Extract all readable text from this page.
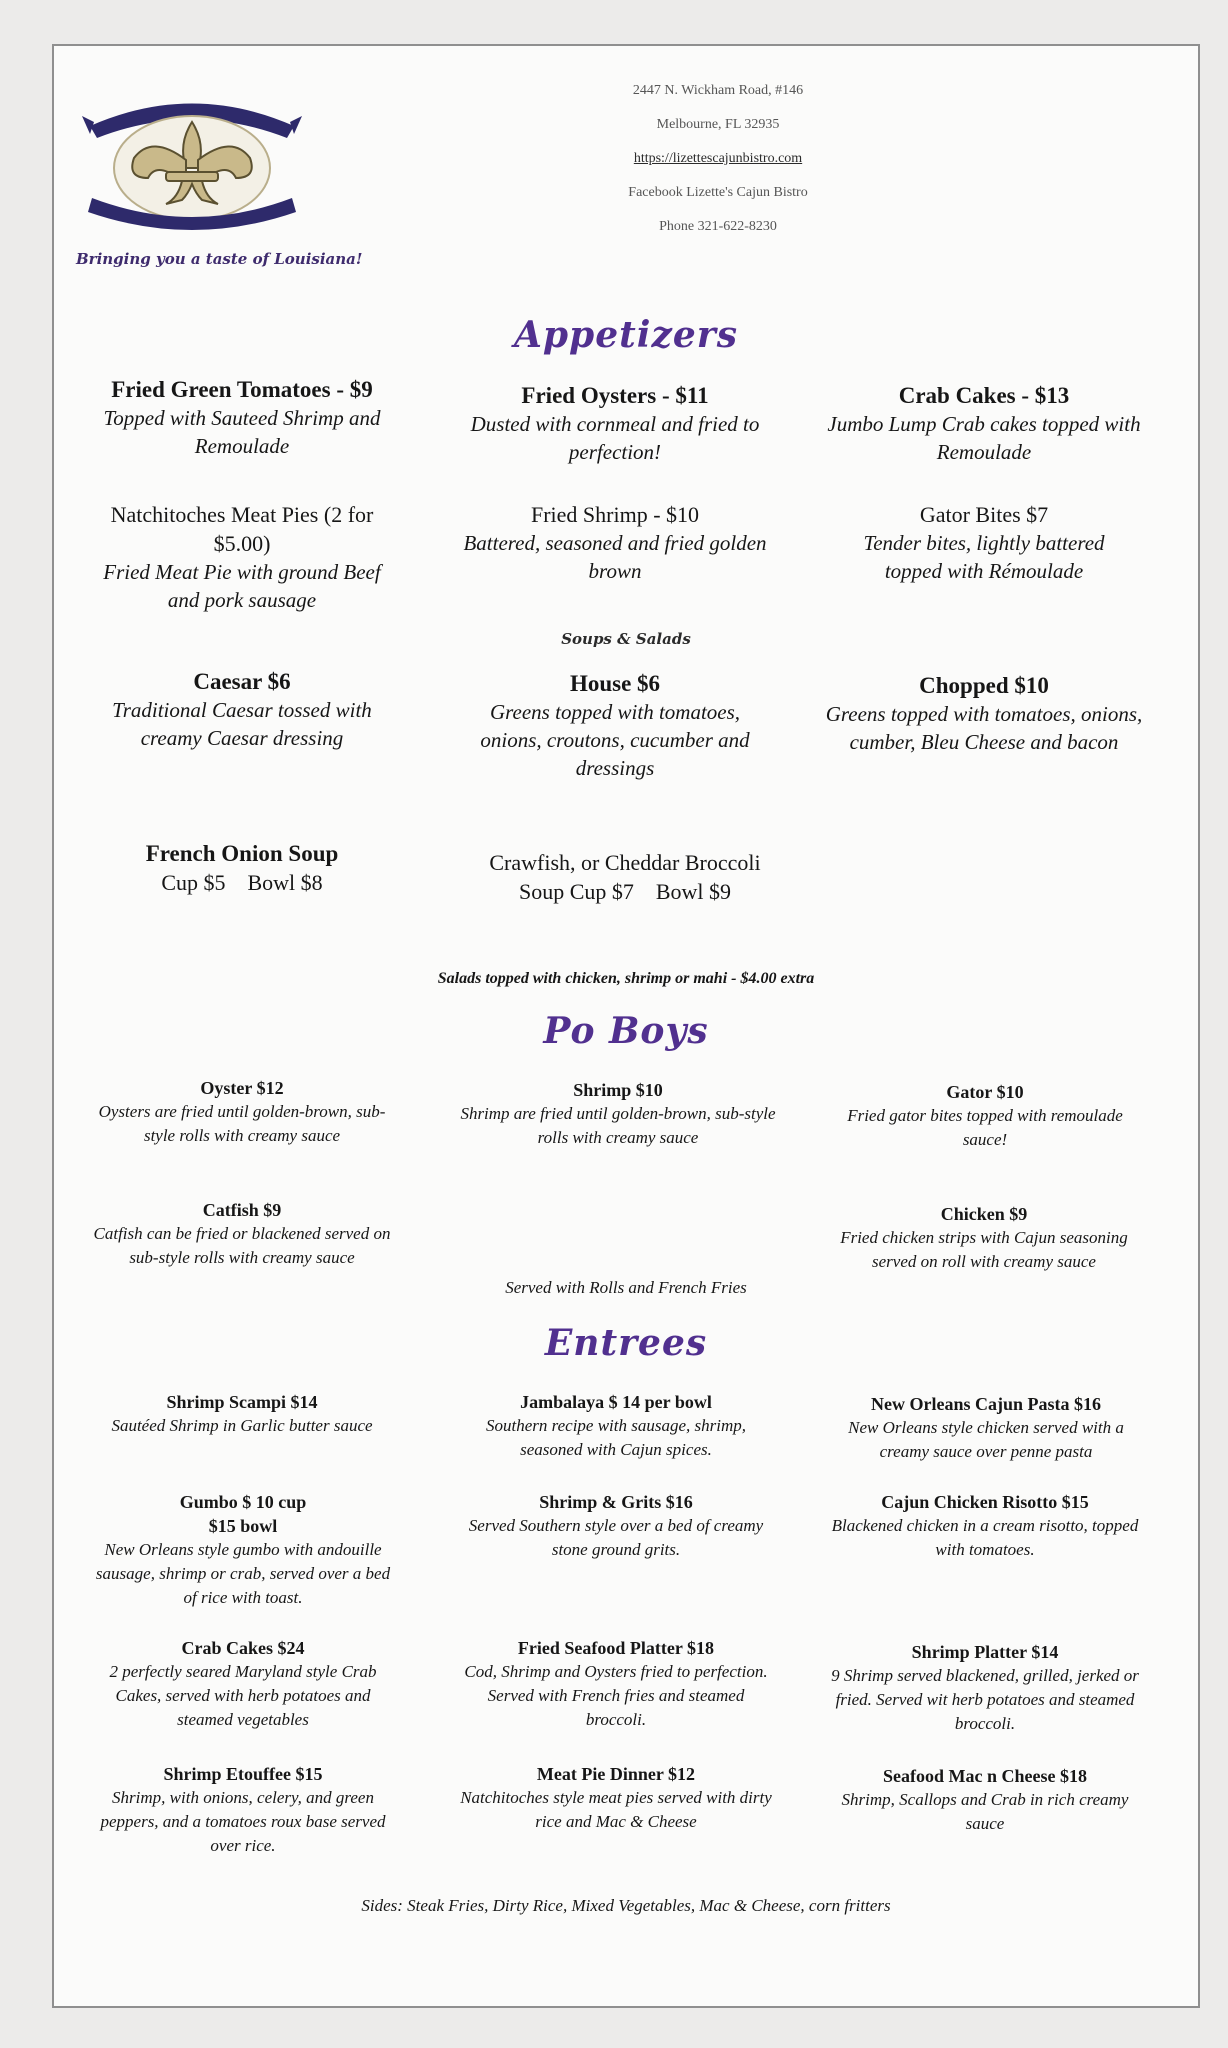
Bringing you a taste of Louisiana!
2447 N. Wickham Road, #146
Melbourne, FL 32935
https://lizettescajunbistro.com
Facebook Lizette's Cajun Bistro
Phone 321-622-8230
Appetizers
Fried Green Tomatoes - $9
Topped with Sauteed Shrimp and Remoulade
Fried Oysters - $11
Dusted with cornmeal and fried to perfection!
Crab Cakes - $13
Jumbo Lump Crab cakes topped with Remoulade
Natchitoches Meat Pies (2 for $5.00)
Fried Meat Pie with ground Beef and pork sausage
Fried Shrimp - $10
Battered, seasoned and fried golden brown
Gator Bites $7
Tender bites, lightly battered topped with Rémoulade
Soups & Salads
Caesar $6
Traditional Caesar tossed with creamy Caesar dressing
House $6
Greens topped with tomatoes, onions, croutons, cucumber and dressings
Chopped $10
Greens topped with tomatoes, onions, cumber, Bleu Cheese and bacon
French Onion Soup
Cup $5    Bowl $8
Crawfish, or Cheddar Broccoli
Soup Cup $7    Bowl $9
Salads topped with chicken, shrimp or mahi - $4.00 extra
Po Boys
Oyster $12
Oysters are fried until golden-brown, sub-style rolls with creamy sauce
Shrimp $10
Shrimp are fried until golden-brown, sub-style rolls with creamy sauce
Gator $10
Fried gator bites topped with remoulade sauce!
Catfish $9
Catfish can be fried or blackened served on sub-style rolls with creamy sauce
Chicken $9
Fried chicken strips with Cajun seasoning served on roll with creamy sauce
Served with Rolls and French Fries
Entrees
Shrimp Scampi $14
Sautéed Shrimp in Garlic butter sauce
Jambalaya $ 14 per bowl
Southern recipe with sausage, shrimp, seasoned with Cajun spices.
New Orleans Cajun Pasta $16
New Orleans style chicken served with a creamy sauce over penne pasta
Gumbo $ 10 cup
$15 bowl
New Orleans style gumbo with andouille sausage, shrimp or crab, served over a bed of rice with toast.
Shrimp & Grits $16
Served Southern style over a bed of creamy stone ground grits.
Cajun Chicken Risotto $15
Blackened chicken in a cream risotto, topped with tomatoes.
Crab Cakes $24
2 perfectly seared Maryland style Crab Cakes, served with herb potatoes and steamed vegetables
Fried Seafood Platter $18
Cod, Shrimp and Oysters fried to perfection. Served with French fries and steamed broccoli.
Shrimp Platter $14
9 Shrimp served blackened, grilled, jerked or fried. Served wit herb potatoes and steamed broccoli.
Shrimp Etouffee $15
Shrimp, with onions, celery, and green peppers, and a tomatoes roux base served over rice.
Meat Pie Dinner $12
Natchitoches style meat pies served with dirty rice and Mac & Cheese
Seafood Mac n Cheese $18
Shrimp, Scallops and Crab in rich creamy sauce
Sides: Steak Fries, Dirty Rice, Mixed Vegetables, Mac & Cheese, corn fritters
